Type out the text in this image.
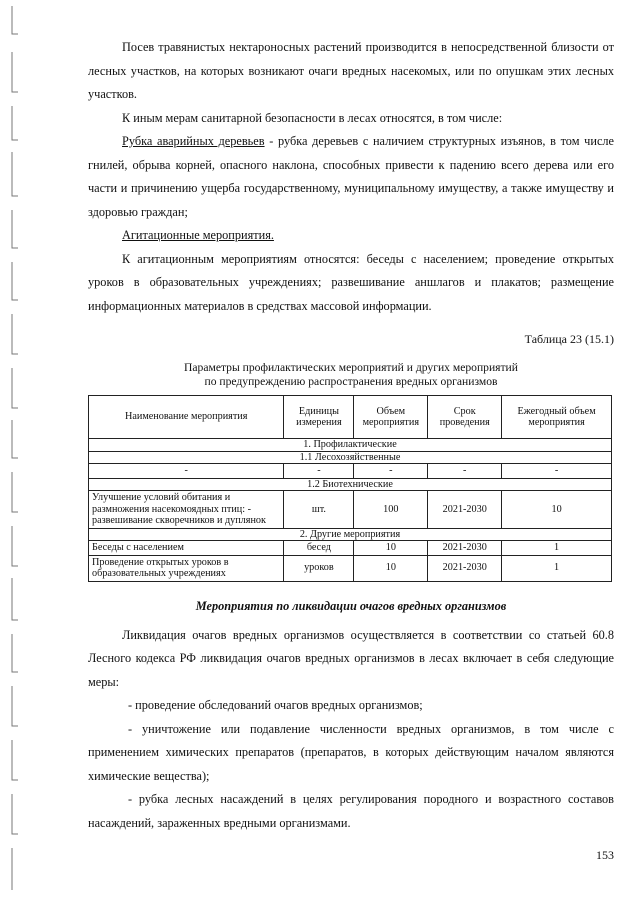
Посев травянистых нектароносных растений производится в непосредственной близости от лесных участков, на которых возникают очаги вредных насекомых, или по опушкам этих лесных участков.

К иным мерам санитарной безопасности в лесах относятся, в том числе:

Рубка аварийных деревьев - рубка деревьев с наличием структурных изъянов, в том числе гнилей, обрыва корней, опасного наклона, способных привести к падению всего дерева или его части и причинению ущерба государственному, муниципальному имуществу, а также имуществу и здоровью граждан;

Агитационные мероприятия.

К агитационным мероприятиям относятся: беседы с населением; проведение открытых уроков в образовательных учреждениях; развешивание аншлагов и плакатов; размещение информационных материалов в средствах массовой информации.

Таблица 23 (15.1)
Параметры профилактических мероприятий и других мероприятий
по предупреждению распространения вредных организмов
Наименование мероприятия	Единицы измерения	Объем мероприятия	Срок проведения	Ежегодный объем мероприятия
1. Профилактические				
1.1 Лесохозяйственные				
-	-	-	-	-
1.2 Биотехнические				
Улучшение условий обитания и размножения насекомоядных птиц: - развешивание скворечников и дуплянок	шт.	100	2021-2030	10
2. Другие мероприятия				
Беседы с населением	бесед	10	2021-2030	1
Проведение открытых уроков в образовательных учреждениях	уроков	10	2021-2030	1
Мероприятия по ликвидации очагов вредных организмов

Ликвидация очагов вредных организмов осуществляется в соответствии со статьей 60.8 Лесного кодекса РФ ликвидация очагов вредных организмов в лесах включает в себя следующие меры:

- проведение обследований очагов вредных организмов;

- уничтожение или подавление численности вредных организмов, в том числе с применением химических препаратов (препаратов, в которых действующим началом являются химические вещества);

- рубка лесных насаждений в целях регулирования породного и возрастного составов насаждений, зараженных вредными организмами.

153
